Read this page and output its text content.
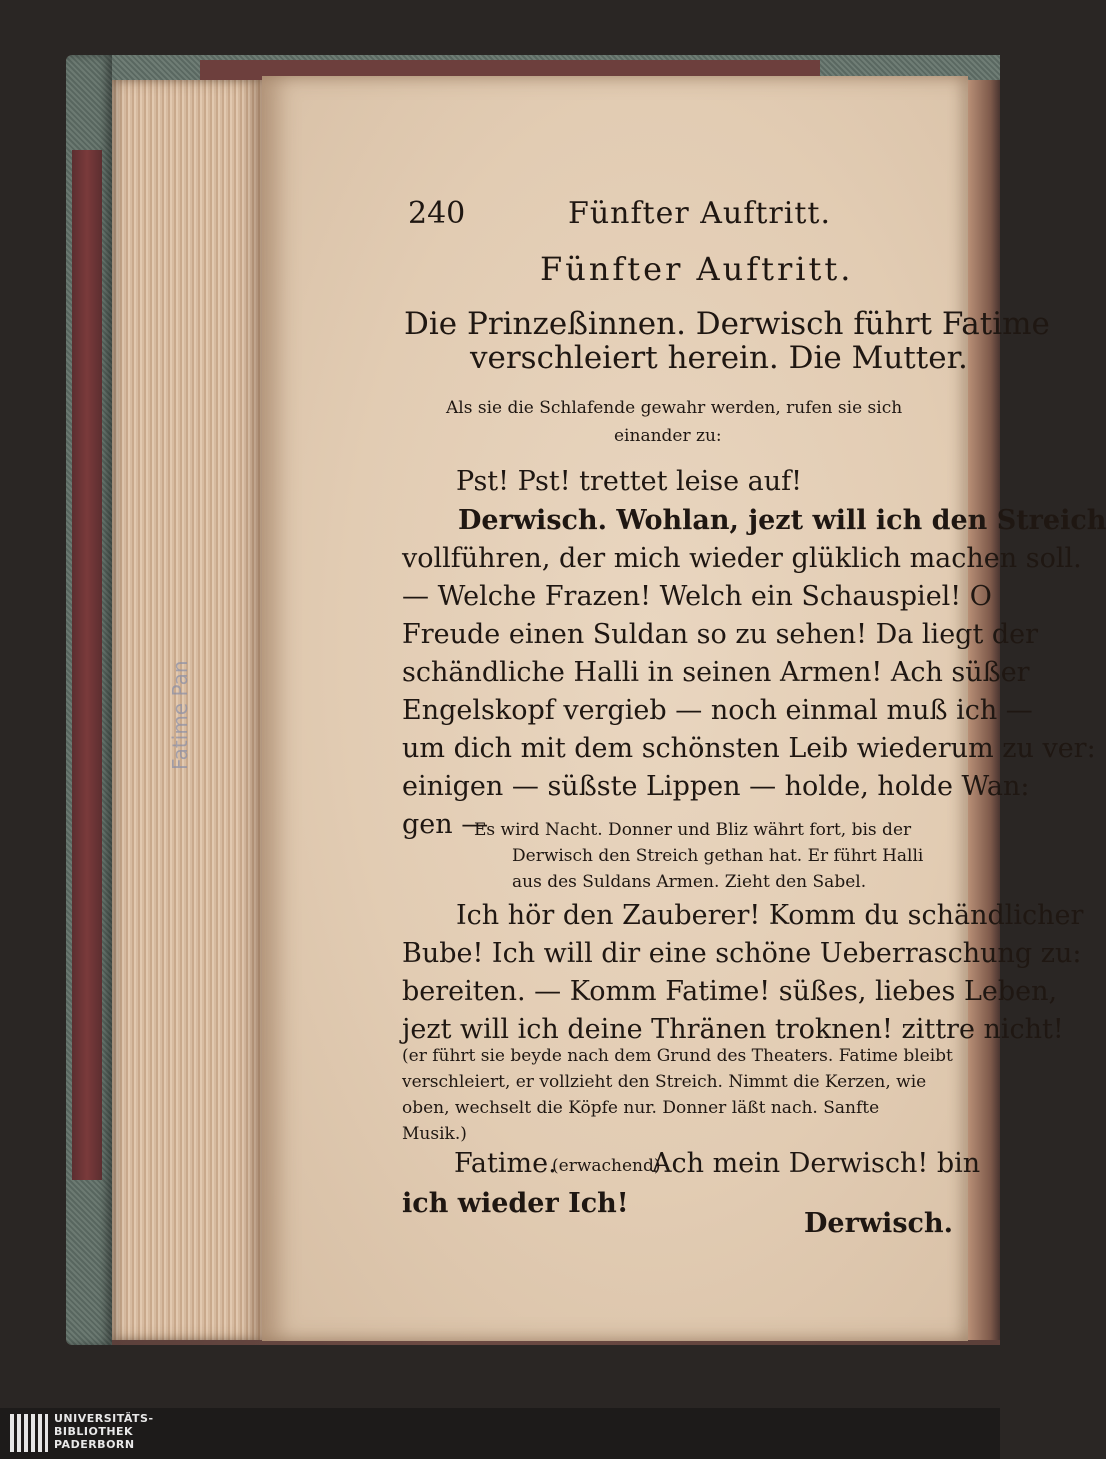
Fatime Pan
240	Fünfter Auftritt.
Fünfter Auftritt.
Die Prinzeßinnen. Derwisch führt Fatime
verschleiert herein. Die Mutter.
Als sie die Schlafende gewahr werden, rufen sie sich
einander zu:
Pst! Pst! trettet leise auf!
Derwisch. Wohlan, jezt will ich den Streich
vollführen, der mich wieder glüklich machen soll.
— Welche Frazen! Welch ein Schauspiel! O
Freude einen Suldan so zu sehen! Da liegt der
schändliche Halli in seinen Armen! Ach süßer
Engelskopf vergieb — noch einmal muß ich —
um dich mit dem schönsten Leib wiederum zu ver:
einigen — süßste Lippen — holde, holde Wan:
gen —
Es wird Nacht. Donner und Bliz währt fort, bis der
Derwisch den Streich gethan hat. Er führt Halli
aus des Suldans Armen. Zieht den Sabel.
Ich hör den Zauberer! Komm du schändlicher
Bube! Ich will dir eine schöne Ueberraschung zu:
bereiten. — Komm Fatime! süßes, liebes Leben,
jezt will ich deine Thränen troknen! zittre nicht!
(er führt sie beyde nach dem Grund des Theaters. Fatime bleibt
verschleiert, er vollzieht den Streich. Nimmt die Kerzen, wie
oben, wechselt die Köpfe nur. Donner läßt nach. Sanfte
Musik.)
Fatime.
(erwachend)
Ach mein Derwisch! bin
ich wieder Ich!
Derwisch.
UNIVERSITÄTS-
BIBLIOTHEK
PADERBORN
